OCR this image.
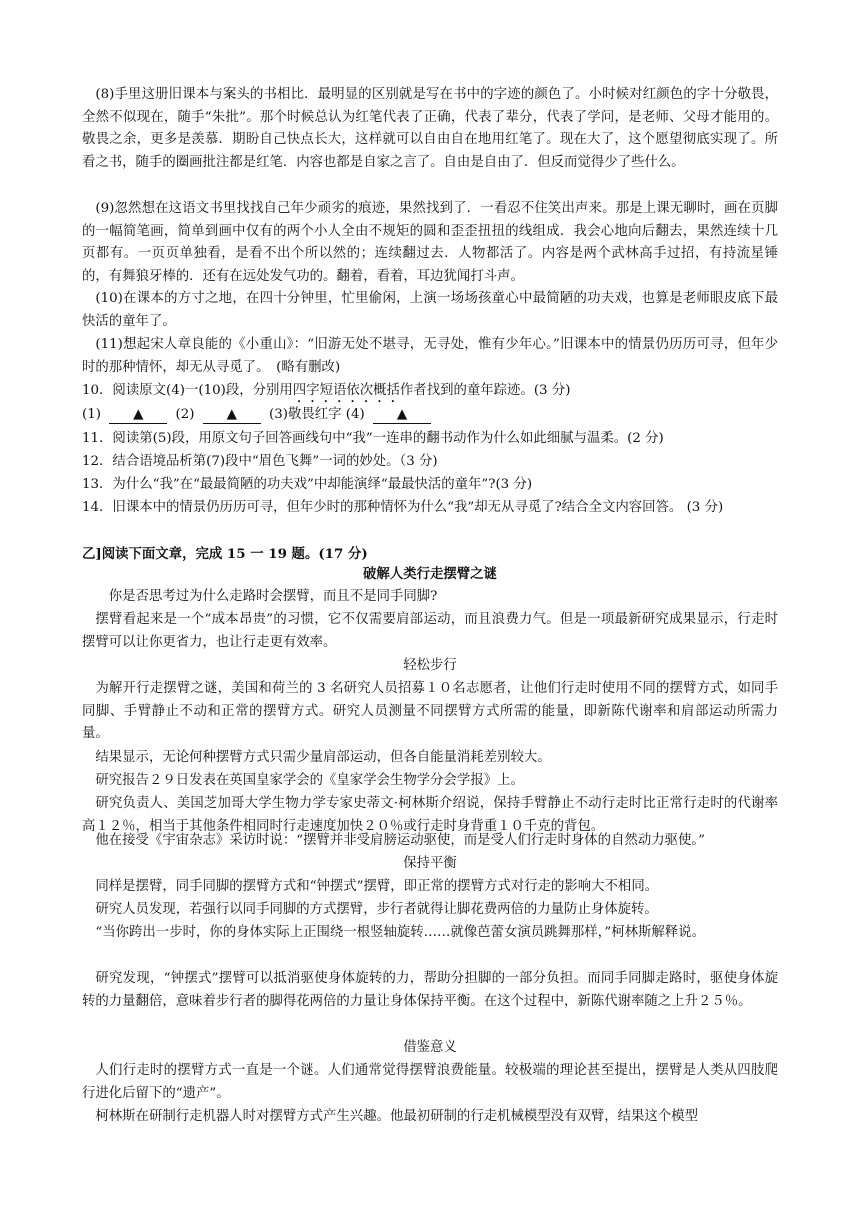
(8)手里这册旧课本与案头的书相比．最明显的区别就是写在书中的字迹的颜色了。小时候对红颜色的字十分敬畏，全然不似现在，随手“朱批”。那个时候总认为红笔代表了正确，代表了辈分，代表了学问，是老师、父母才能用的。敬畏之余，更多是羡慕．期盼自己快点长大，这样就可以自由自在地用红笔了。现在大了，这个愿望彻底实现了。所看之书，随手的圈画批注都是红笔．内容也都是自家之言了。自由是自由了．但反而觉得少了些什么。

(9)忽然想在这语文书里找找自己年少顽劣的痕迹，果然找到了．一看忍不住笑出声来。那是上课无聊时，画在页脚的一幅简笔画，简单到画中仅有的两个小人全由不规矩的圆和歪歪扭扭的线组成．我会心地向后翻去，果然连续十几页都有。一页页单独看，是看不出个所以然的；连续翻过去．人物都活了。内容是两个武林高手过招，有持流星锤的，有舞狼牙棒的．还有在远处发气功的。翻着，看着，耳边犹闻打斗声。

(10)在课本的方寸之地，在四十分钟里，忙里偷闲，上演一场场孩童心中最简陋的功夫戏，也算是老师眼皮底下最快活的童年了。

(11)想起宋人章良能的《小重山》：“旧游无处不堪寻，无寻处，惟有少年心。”旧课本中的情景仍历历可寻，但年少时的那种情怀，却无从寻觅了。　(略有删改)

10．阅读原文(4)一(10)段，分别用四字短语依次概括作者找到的童年踪迹。(3 分)

(1) ▲ (2) ▲ (3)敬畏红字 (4) ▲

11．阅读第(5)段，用原文句子回答画线句中“我”一连串的翻书动作为什么如此细腻与温柔。(2 分)

12．结合语境品析第(7)段中“眉色飞舞”一词的妙处。（3 分)

13．为什么“我”在“最最简陋的功夫戏”中却能演绎“最最快活的童年”?(3 分)

14．旧课本中的情景仍历历可寻，但年少时的那种情怀为什么“我”却无从寻觅了?结合全文内容回答。 (3 分)

乙]阅读下面文章，完成 15 一 19 题。(17 分)

破解人类行走摆臂之谜

你是否思考过为什么走路时会摆臂，而且不是同手同脚?

摆臂看起来是一个“成本昂贵”的习惯，它不仅需要肩部运动，而且浪费力气。但是一项最新研究成果显示，行走时摆臂可以让你更省力，也让行走更有效率。

轻松步行

为解开行走摆臂之谜，美国和荷兰的 3 名研究人员招募１０名志愿者，让他们行走时使用不同的摆臂方式，如同手同脚、手臂静止不动和正常的摆臂方式。研究人员测量不同摆臂方式所需的能量，即新陈代谢率和肩部运动所需力量。

结果显示，无论何种摆臂方式只需少量肩部运动，但各自能量消耗差别较大。

研究报告２９日发表在英国皇家学会的《皇家学会生物学分会学报》上。

研究负责人、美国芝加哥大学生物力学专家史蒂文·柯林斯介绍说，保持手臂静止不动行走时比正常行走时的代谢率高１２％，相当于其他条件相同时行走速度加快２０％或行走时身背重１０千克的背包。

他在接受《宇宙杂志》采访时说：“摆臂并非受肩膀运动驱使，而是受人们行走时身体的自然动力驱使。”

保持平衡

同样是摆臂，同手同脚的摆臂方式和“钟摆式”摆臂，即正常的摆臂方式对行走的影响大不相同。

研究人员发现，若强行以同手同脚的方式摆臂，步行者就得让脚花费两倍的力量防止身体旋转。

“当你跨出一步时，你的身体实际上正围绕一根竖轴旋转……就像芭蕾女演员跳舞那样，”柯林斯解释说。

研究发现，“钟摆式”摆臂可以抵消驱使身体旋转的力，帮助分担脚的一部分负担。而同手同脚走路时，驱使身体旋转的力量翻倍，意味着步行者的脚得花两倍的力量让身体保持平衡。在这个过程中，新陈代谢率随之上升２５％。

借鉴意义

人们行走时的摆臂方式一直是一个谜。人们通常觉得摆臂浪费能量。较极端的理论甚至提出，摆臂是人类从四肢爬行进化后留下的“遗产”。

柯林斯在研制行走机器人时对摆臂方式产生兴趣。他最初研制的行走机械模型没有双臂，结果这个模型
